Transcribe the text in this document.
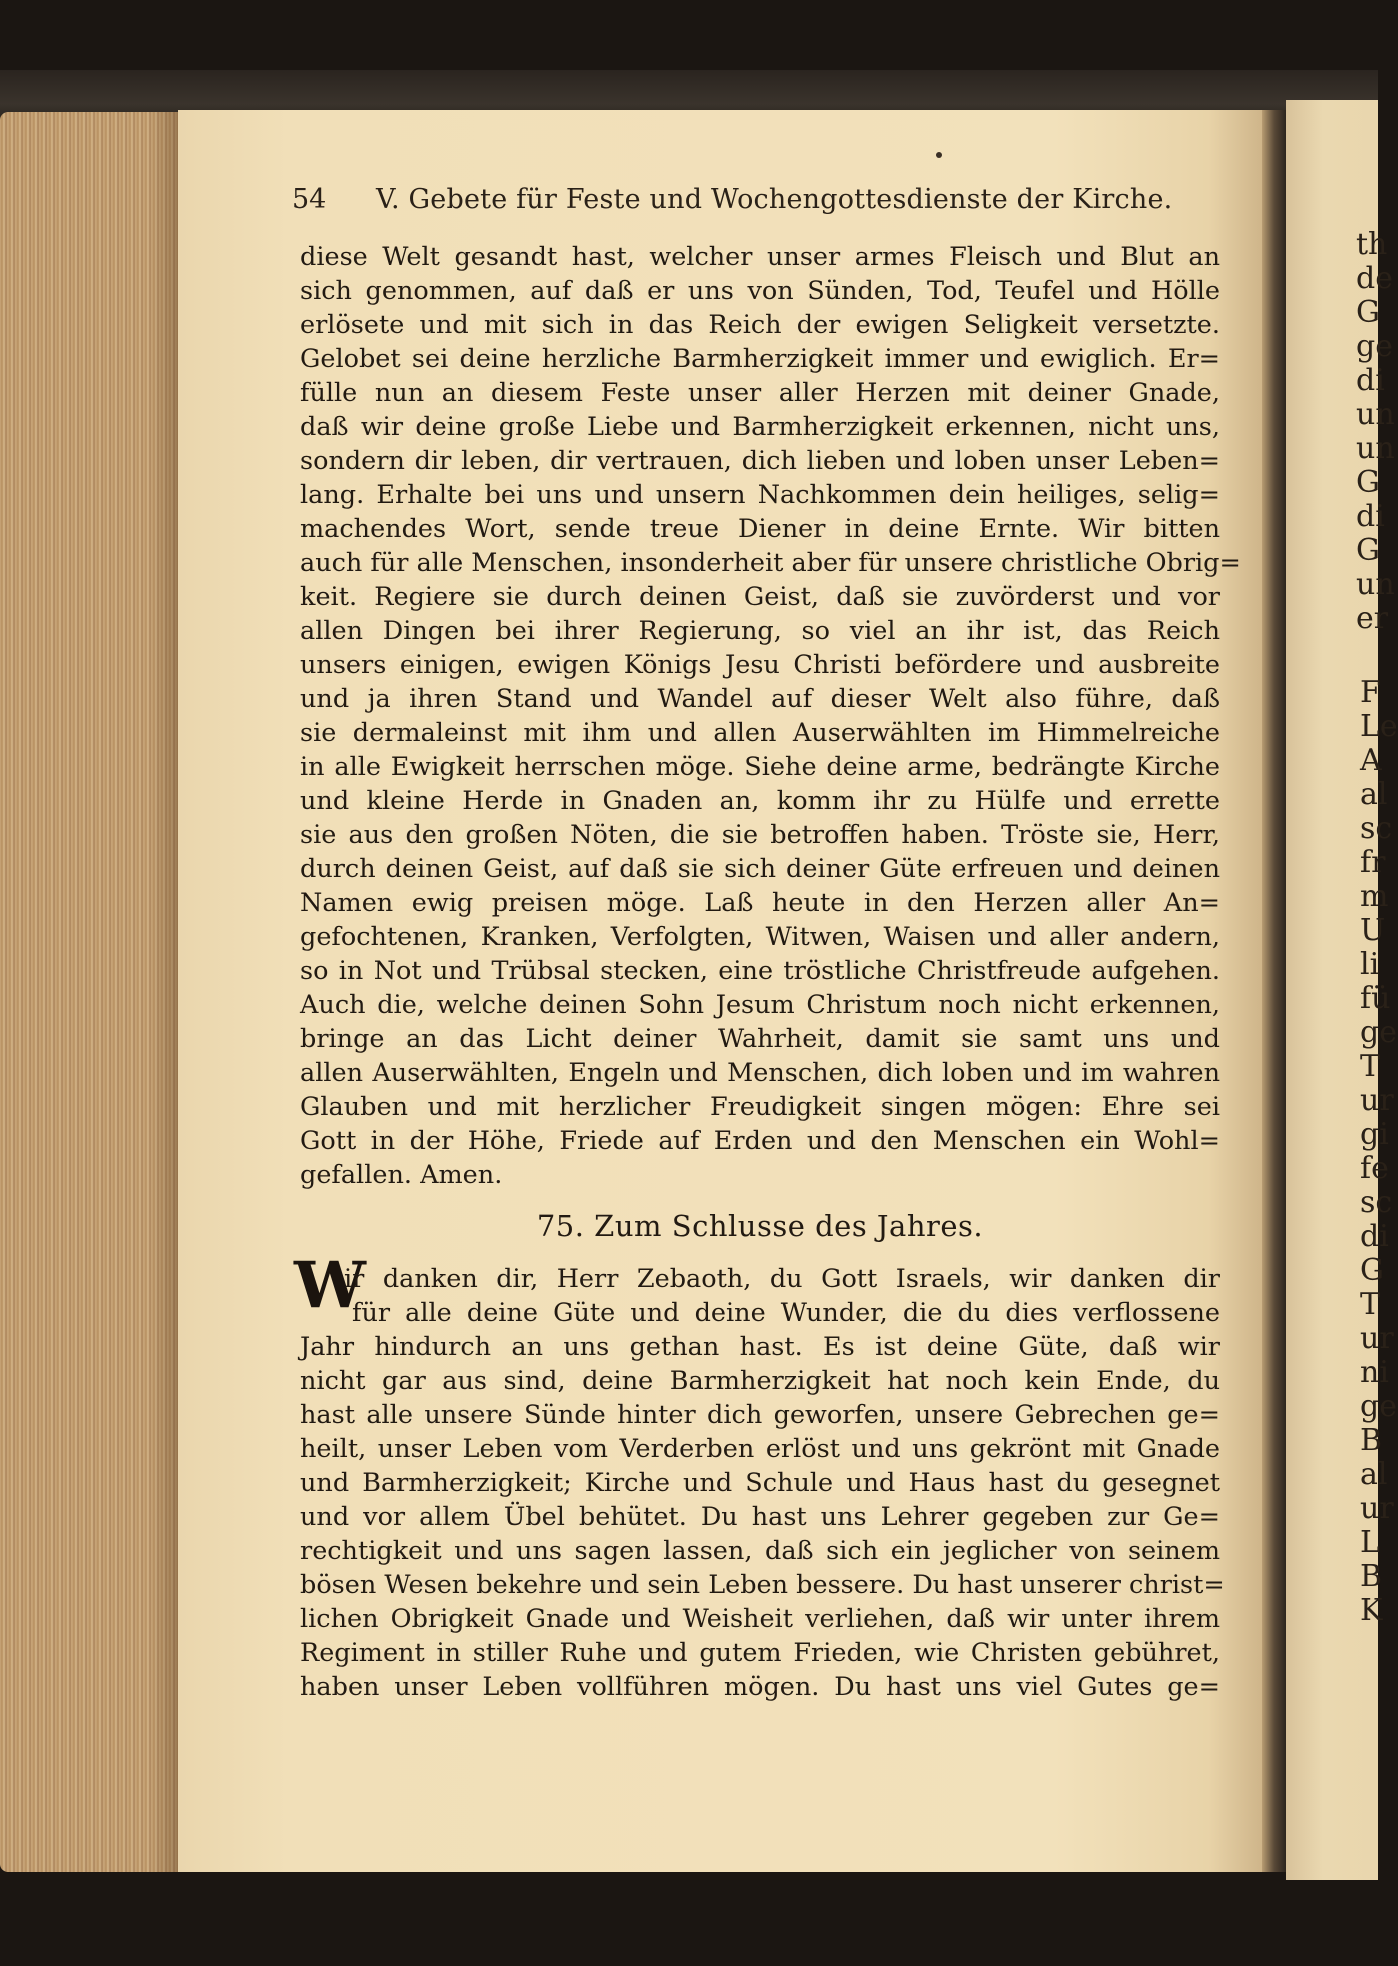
54 V. Gebete für Feste und Wochengottesdienste der Kirche.
diese Welt gesandt hast, welcher unser armes Fleisch und Blut an
sich genommen, auf daß er uns von Sünden, Tod, Teufel und Hölle
erlösete und mit sich in das Reich der ewigen Seligkeit versetzte.
Gelobet sei deine herzliche Barmherzigkeit immer und ewiglich. Er=
fülle nun an diesem Feste unser aller Herzen mit deiner Gnade,
daß wir deine große Liebe und Barmherzigkeit erkennen, nicht uns,
sondern dir leben, dir vertrauen, dich lieben und loben unser Leben=
lang. Erhalte bei uns und unsern Nachkommen dein heiliges, selig=
machendes Wort, sende treue Diener in deine Ernte. Wir bitten
auch für alle Menschen, insonderheit aber für unsere christliche Obrig=
keit. Regiere sie durch deinen Geist, daß sie zuvörderst und vor
allen Dingen bei ihrer Regierung, so viel an ihr ist, das Reich
unsers einigen, ewigen Königs Jesu Christi befördere und ausbreite
und ja ihren Stand und Wandel auf dieser Welt also führe, daß
sie dermaleinst mit ihm und allen Auserwählten im Himmelreiche
in alle Ewigkeit herrschen möge. Siehe deine arme, bedrängte Kirche
und kleine Herde in Gnaden an, komm ihr zu Hülfe und errette
sie aus den großen Nöten, die sie betroffen haben. Tröste sie, Herr,
durch deinen Geist, auf daß sie sich deiner Güte erfreuen und deinen
Namen ewig preisen möge. Laß heute in den Herzen aller An=
gefochtenen, Kranken, Verfolgten, Witwen, Waisen und aller andern,
so in Not und Trübsal stecken, eine tröstliche Christfreude aufgehen.
Auch die, welche deinen Sohn Jesum Christum noch nicht erkennen,
bringe an das Licht deiner Wahrheit, damit sie samt uns und
allen Auserwählten, Engeln und Menschen, dich loben und im wahren
Glauben und mit herzlicher Freudigkeit singen mögen: Ehre sei
Gott in der Höhe, Friede auf Erden und den Menschen ein Wohl=
gefallen. Amen.
75. Zum Schlusse des Jahres.
W
ir danken dir, Herr Zebaoth, du Gott Israels, wir danken dir
für alle deine Güte und deine Wunder, die du dies verflossene
Jahr hindurch an uns gethan hast. Es ist deine Güte, daß wir
nicht gar aus sind, deine Barmherzigkeit hat noch kein Ende, du
hast alle unsere Sünde hinter dich geworfen, unsere Gebrechen ge=
heilt, unser Leben vom Verderben erlöst und uns gekrönt mit Gnade
und Barmherzigkeit; Kirche und Schule und Haus hast du gesegnet
und vor allem Übel behütet. Du hast uns Lehrer gegeben zur Ge=
rechtigkeit und uns sagen lassen, daß sich ein jeglicher von seinem
bösen Wesen bekehre und sein Leben bessere. Du hast unserer christ=
lichen Obrigkeit Gnade und Weisheit verliehen, daß wir unter ihrem
Regiment in stiller Ruhe und gutem Frieden, wie Christen gebühret,
haben unser Leben vollführen mögen. Du hast uns viel Gutes ge=
th
de
G
ge
di
un
un
G
di
G
un
er
F
Le
A
al
sc
fr
m
U
li
fü
ge
T
ur
gi
fe
sc
di
G
T
ur
ni
ge
B
al
ur
L
B
K
